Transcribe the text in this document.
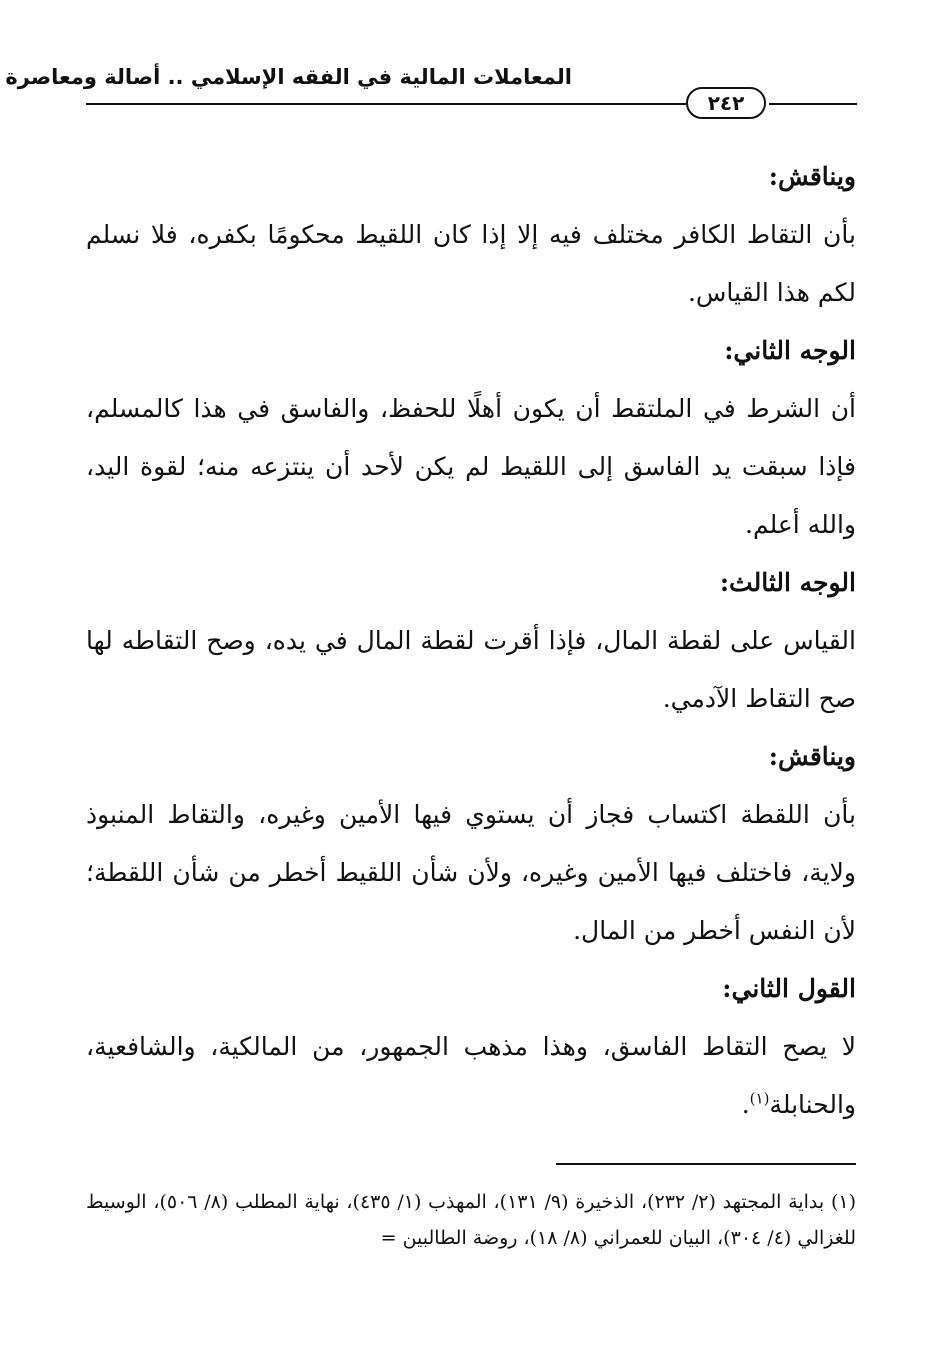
المعاملات المالية في الفقه الإسلامي .. أصالة ومعاصرة
٢٤٢

ويناقش:

بأن التقاط الكافر مختلف فيه إلا إذا كان اللقيط محكومًا بكفره، فلا نسلم لكم هذا القياس.

الوجه الثاني:

أن الشرط في الملتقط أن يكون أهلًا للحفظ، والفاسق في هذا كالمسلم، فإذا سبقت يد الفاسق إلى اللقيط لم يكن لأحد أن ينتزعه منه؛ لقوة اليد، والله أعلم.

الوجه الثالث:

القياس على لقطة المال، فإذا أقرت لقطة المال في يده، وصح التقاطه لها صح التقاط الآدمي.

ويناقش:

بأن اللقطة اكتساب فجاز أن يستوي فيها الأمين وغيره، والتقاط المنبوذ ولاية، فاختلف فيها الأمين وغيره، ولأن شأن اللقيط أخطر من شأن اللقطة؛ لأن النفس أخطر من المال.

القول الثاني:

لا يصح التقاط الفاسق، وهذا مذهب الجمهور، من المالكية، والشافعية، والحنابلة$^{(١)}$.

(١) بداية المجتهد (٢/ ٢٣٢)، الذخيرة (٩/ ١٣١)، المهذب (١/ ٤٣٥)، نهاية المطلب (٨/ ٥٠٦)، الوسيط للغزالي (٤/ ٣٠٤)، البيان للعمراني (٨/ ١٨)، روضة الطالبين =
